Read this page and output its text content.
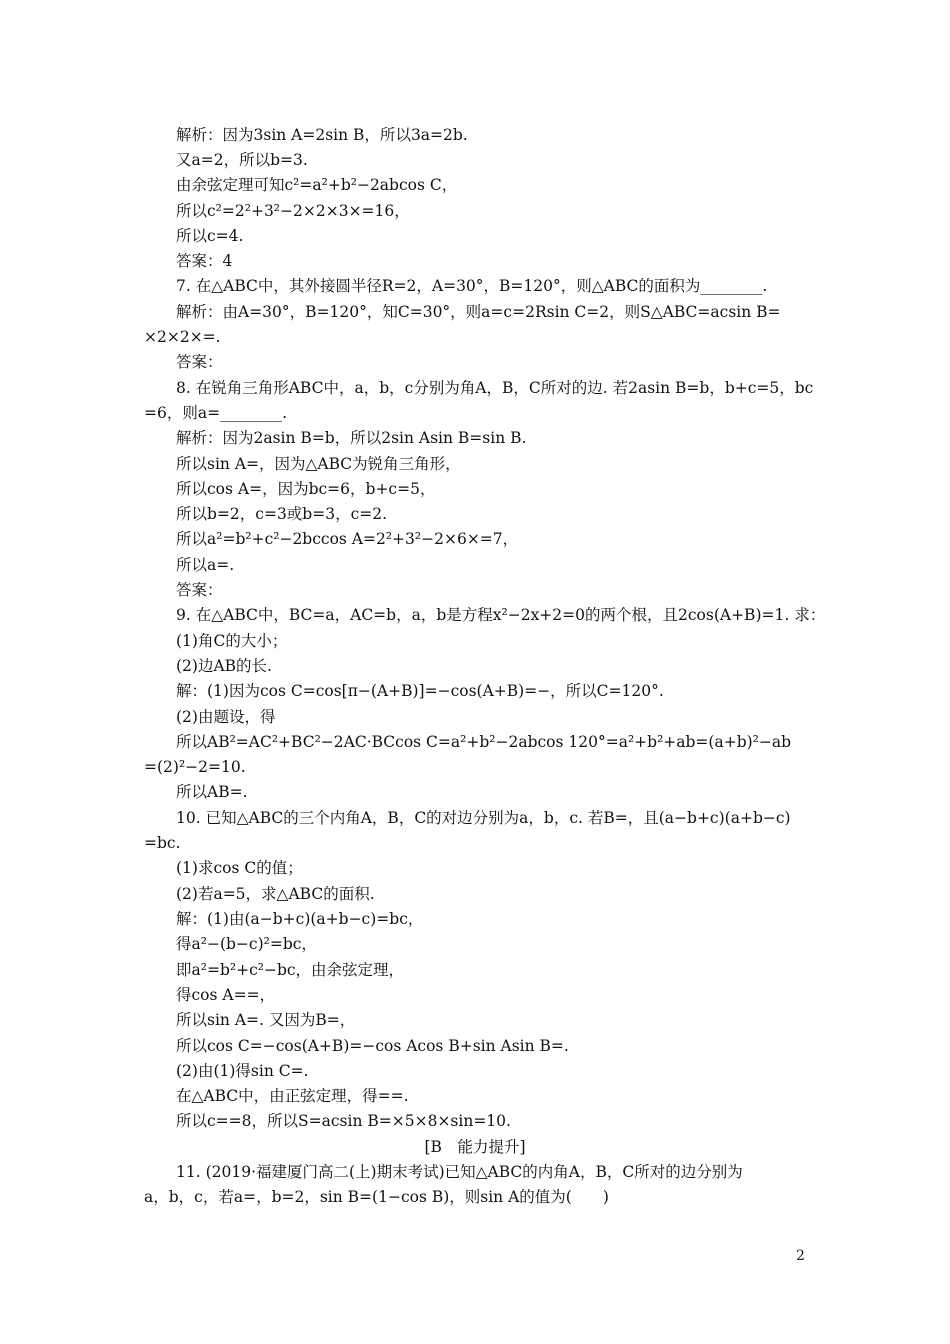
解析：因为3sin A=2sin B，所以3a=2b.
又a=2，所以b=3.
由余弦定理可知c²=a²+b²−2abcos C，
所以c²=2²+3²−2×2×3×=16，
所以c=4.
答案：4
7. 在△ABC中，其外接圆半径R=2，A=30°，B=120°，则△ABC的面积为________.
解析：由A=30°，B=120°，知C=30°，则a=c=2Rsin C=2，则S△ABC=acsin B=
×2×2×=.
答案：
8. 在锐角三角形ABC中，a，b，c分别为角A，B，C所对的边. 若2asin B=b，b+c=5，bc
=6，则a=________.
解析：因为2asin B=b，所以2sin Asin B=sin B.
所以sin A=，因为△ABC为锐角三角形，
所以cos A=，因为bc=6，b+c=5，
所以b=2，c=3或b=3，c=2.
所以a²=b²+c²−2bccos A=2²+3²−2×6×=7，
所以a=.
答案：
9. 在△ABC中，BC=a，AC=b，a，b是方程x²−2x+2=0的两个根，且2cos(A+B)=1. 求：
(1)角C的大小；
(2)边AB的长.
解：(1)因为cos C=cos[π−(A+B)]=−cos(A+B)=−，所以C=120°.
(2)由题设，得
所以AB²=AC²+BC²−2AC·BCcos C=a²+b²−2abcos 120°=a²+b²+ab=(a+b)²−ab
=(2)²−2=10.
所以AB=.
10. 已知△ABC的三个内角A，B，C的对边分别为a，b，c. 若B=，且(a−b+c)(a+b−c)
=bc.
(1)求cos C的值；
(2)若a=5，求△ABC的面积.
解：(1)由(a−b+c)(a+b−c)=bc，
得a²−(b−c)²=bc，
即a²=b²+c²−bc，由余弦定理，
得cos A==，
所以sin A=. 又因为B=，
所以cos C=−cos(A+B)=−cos Acos B+sin Asin B=.
(2)由(1)得sin C=.
在△ABC中，由正弦定理，得==.
所以c==8，所以S=acsin B=×5×8×sin=10.
[B　能力提升]
11. (2019·福建厦门高二(上)期末考试)已知△ABC的内角A，B，C所对的边分别为
a，b，c，若a=，b=2，sin B=(1−cos B)，则sin A的值为(　　)
2
